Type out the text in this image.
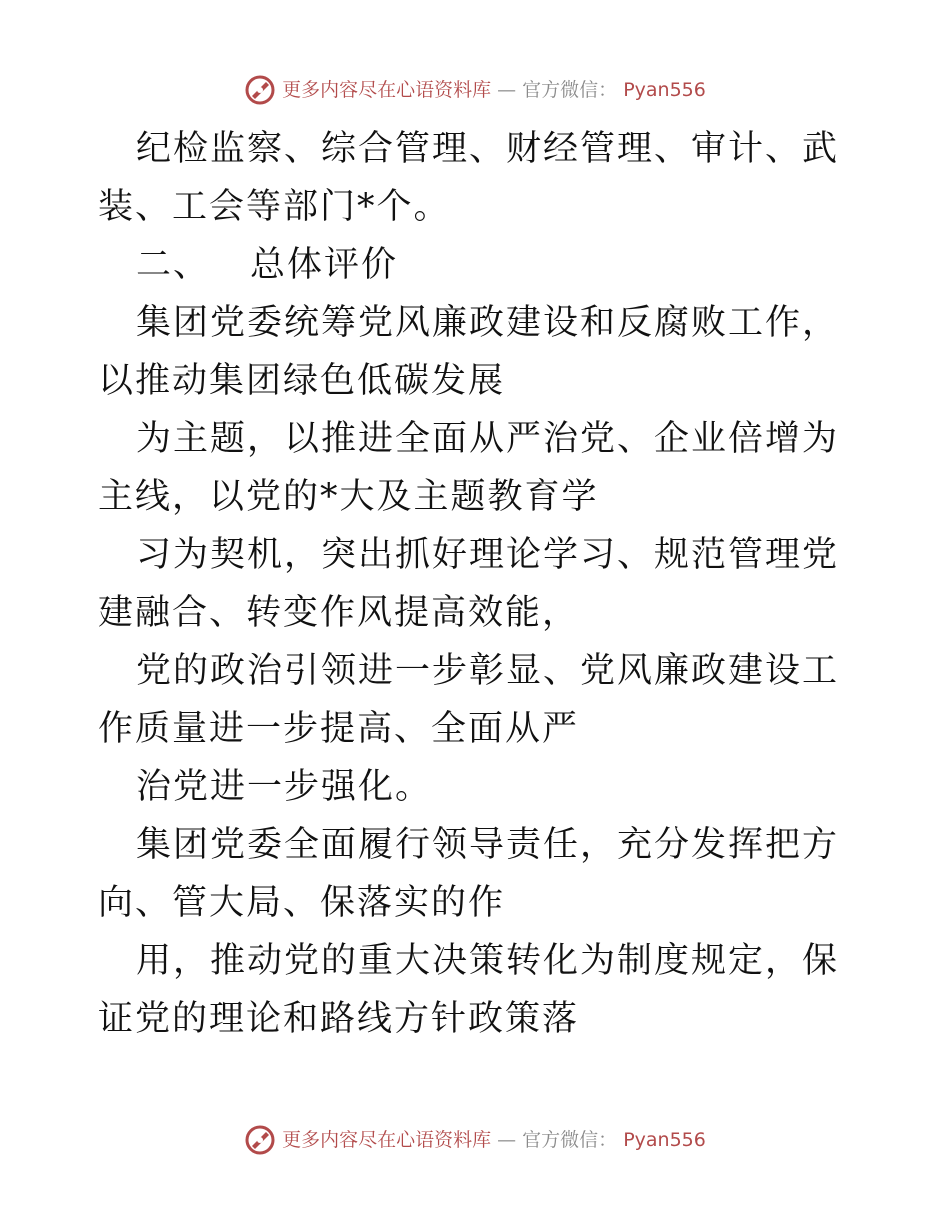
更多内容尽在心语资料库 — 官方微信： Pyan556

纪检监察、综合管理、财经管理、审计、武装、工会等部门*个。

二、 总体评价

集团党委统筹党风廉政建设和反腐败工作，以推动集团绿色低碳发展

为主题，以推进全面从严治党、企业倍增为主线，以党的*大及主题教育学

习为契机，突出抓好理论学习、规范管理党建融合、转变作风提高效能，

党的政治引领进一步彰显、党风廉政建设工作质量进一步提高、全面从严

治党进一步强化。

集团党委全面履行领导责任，充分发挥把方向、管大局、保落实的作

用，推动党的重大决策转化为制度规定，保证党的理论和路线方针政策落

更多内容尽在心语资料库 — 官方微信： Pyan556
